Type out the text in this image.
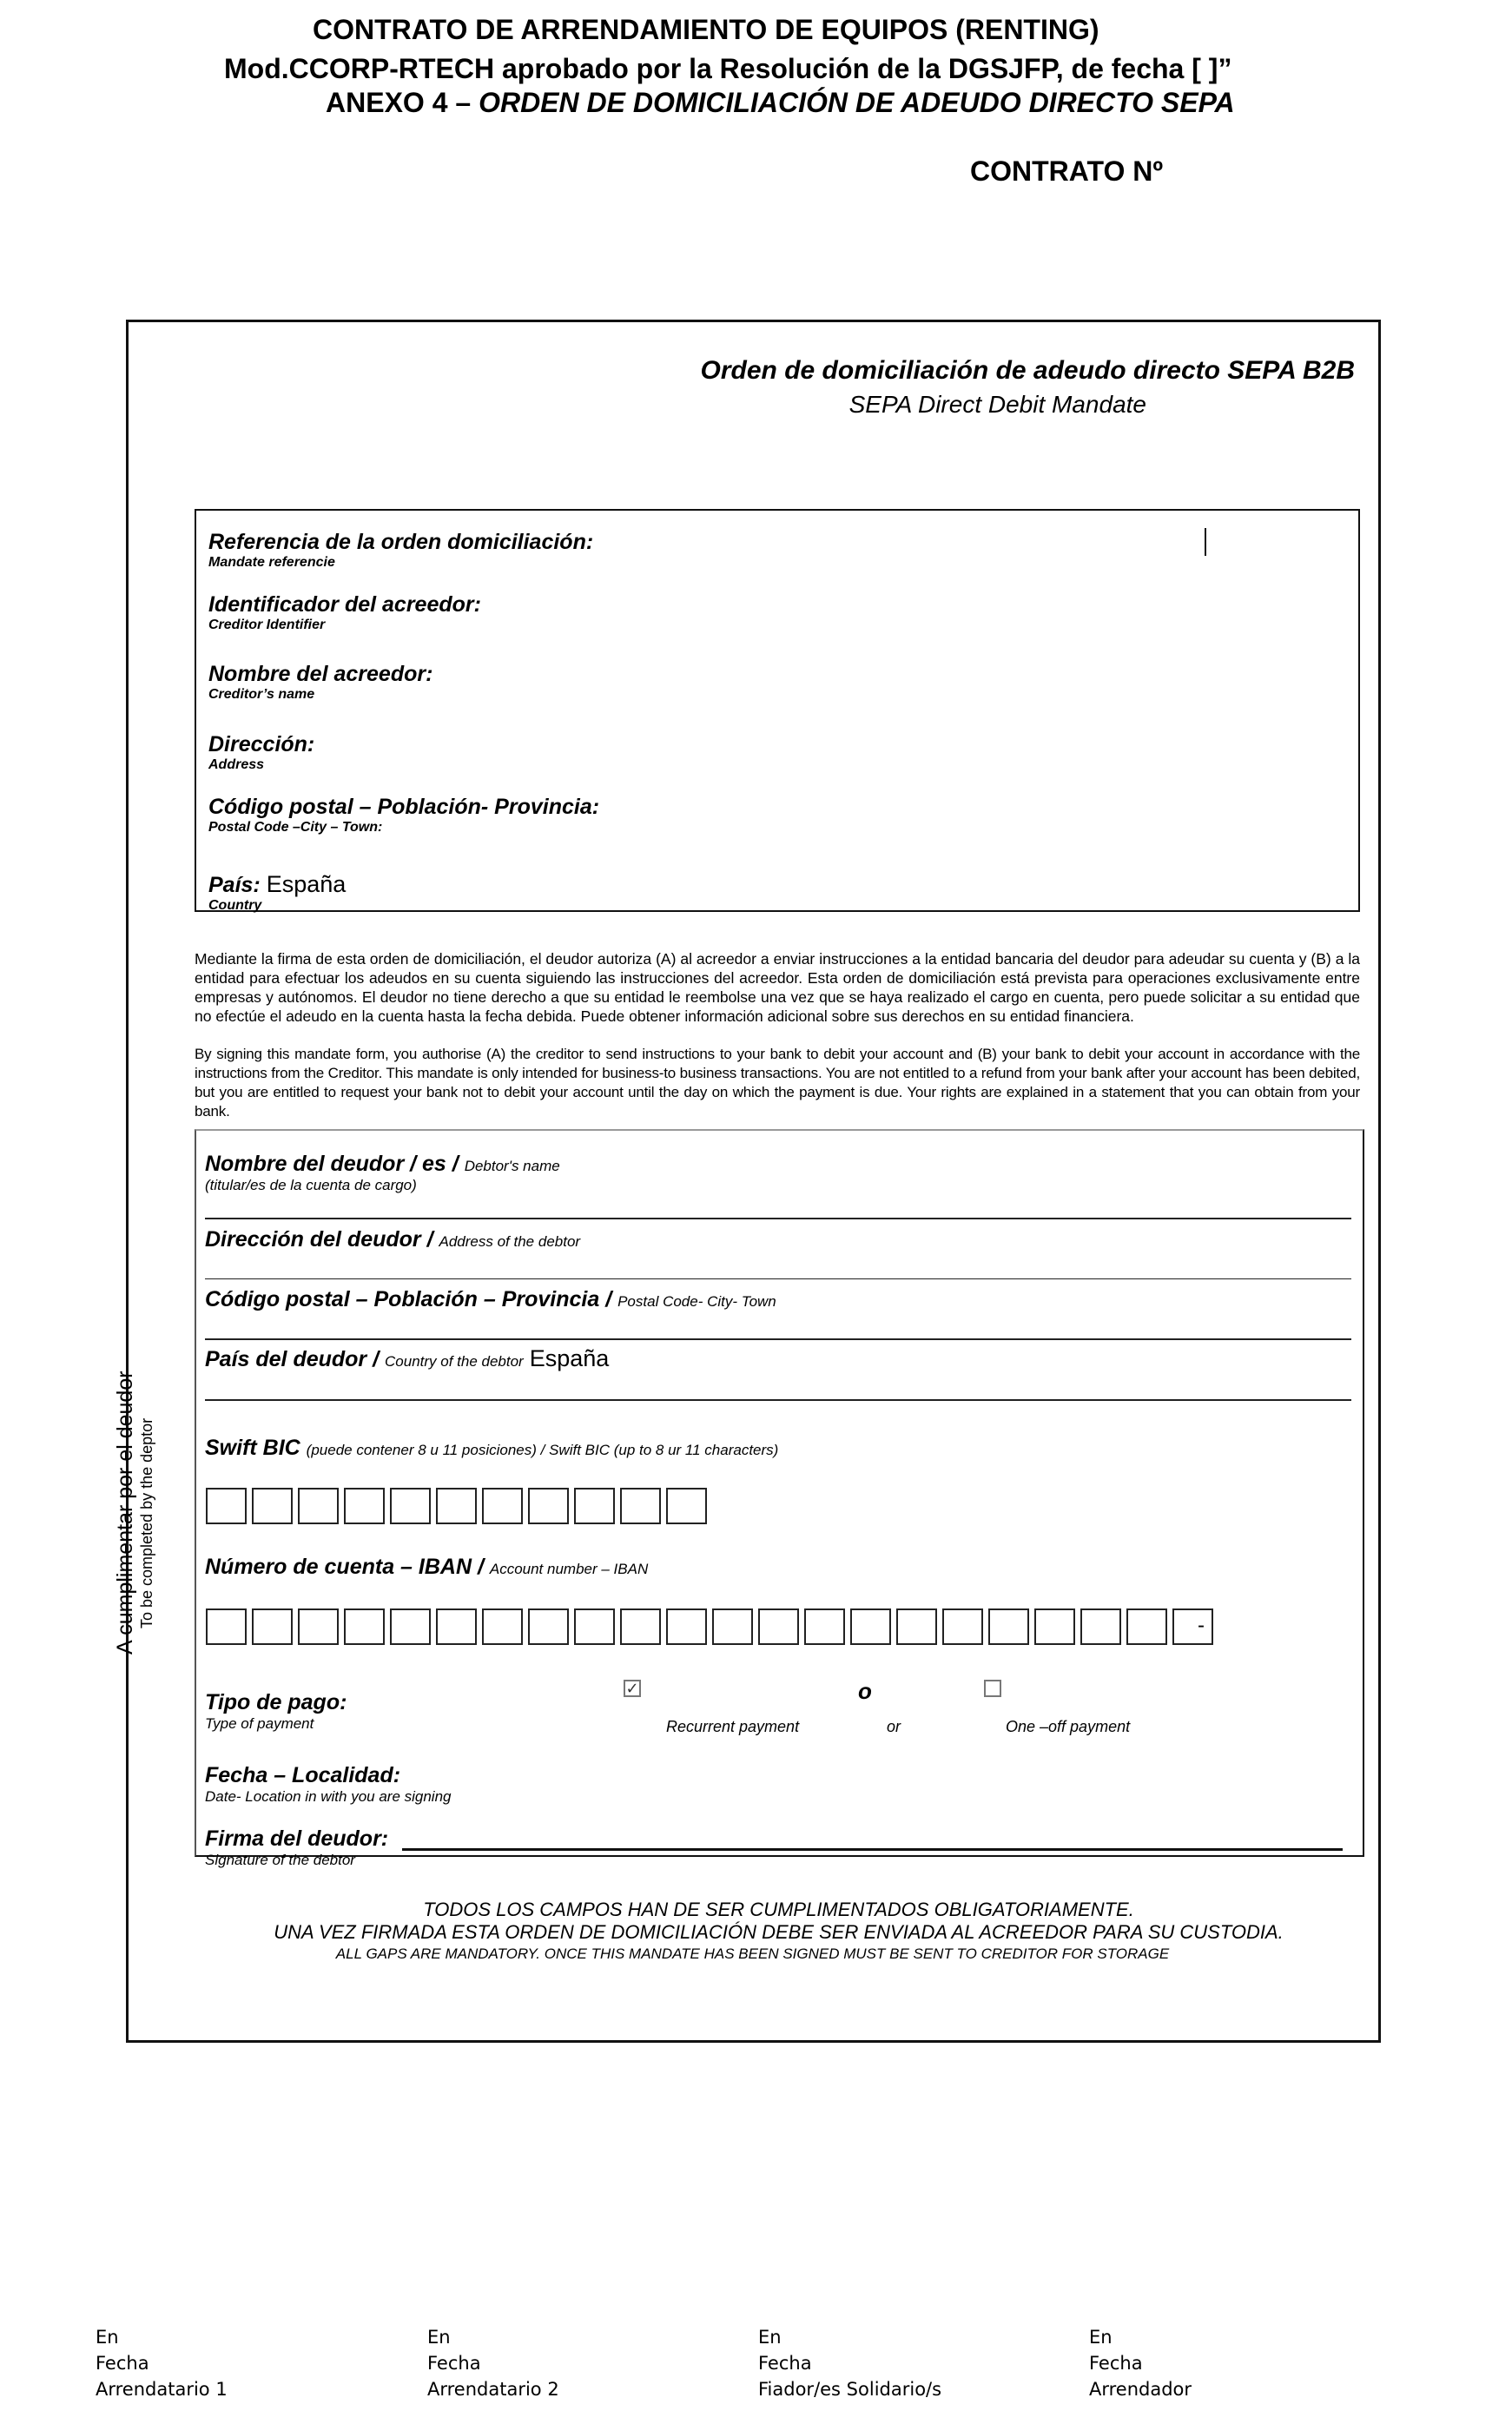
CONTRATO DE ARRENDAMIENTO DE EQUIPOS (RENTING)
Mod.CCORP-RTECH aprobado por la Resolución de la DGSJFP, de fecha [ ]”
ANEXO 4 – ORDEN DE DOMICILIACIÓN DE ADEUDO DIRECTO SEPA
CONTRATO Nº
Orden de domiciliación de adeudo directo SEPA B2B
SEPA Direct Debit Mandate
Referencia de la orden domiciliación:
Mandate referencie
Identificador del acreedor:
Creditor Identifier
Nombre del acreedor:
Creditor’s name
Dirección:
Address
Código postal – Población- Provincia:
Postal Code –City – Town:
País: España
Country
Mediante la firma de esta orden de domiciliación, el deudor autoriza (A) al acreedor a enviar instrucciones a la entidad bancaria del deudor para adeudar su cuenta y (B) a la entidad para efectuar los adeudos en su cuenta siguiendo las instrucciones del acreedor. Esta orden de domiciliación está prevista para operaciones exclusivamente entre empresas y autónomos. El deudor no tiene derecho a que su entidad le reembolse una vez que se haya realizado el cargo en cuenta, pero puede solicitar a su entidad que no efectúe el adeudo en la cuenta hasta la fecha debida. Puede obtener información adicional sobre sus derechos en su entidad financiera.
By signing this mandate form, you authorise (A) the creditor to send instructions to your bank to debit your account and (B) your bank to debit your account in accordance with the instructions from the Creditor. This mandate is only intended for business-to business transactions. You are not entitled to a refund from your bank after your account has been debited, but you are entitled to request your bank not to debit your account until the day on which the payment is due. Your rights are explained in a statement that you can obtain from your bank.
A cumplimentar por el deudor To be completed by the deptor
Nombre del deudor / es / Debtor's name
(titular/es de la cuenta de cargo)
Dirección del deudor / Address of the debtor
Código postal – Población – Provincia / Postal Code- City- Town
País del deudor / Country of the debtor España
Swift BIC (puede contener 8 u 11 posiciones) / Swift BIC (up to 8 ur 11 characters)
Número de cuenta – IBAN / Account number – IBAN
-
Tipo de pago:
Type of payment
✓
Recurrent payment
o
or	One –off payment
Fecha – Localidad:
Date- Location in with you are signing
Firma del deudor:
Signature of the debtor
TODOS LOS CAMPOS HAN DE SER CUMPLIMENTADOS OBLIGATORIAMENTE.
UNA VEZ FIRMADA ESTA ORDEN DE DOMICILIACIÓN DEBE SER ENVIADA AL ACREEDOR PARA SU CUSTODIA.
ALL GAPS ARE MANDATORY. ONCE THIS MANDATE HAS BEEN SIGNED MUST BE SENT TO CREDITOR FOR STORAGE
En
Fecha
Arrendatario 1
En
Fecha
Arrendatario 2
En
Fecha
Fiador/es Solidario/s
En
Fecha
Arrendador
